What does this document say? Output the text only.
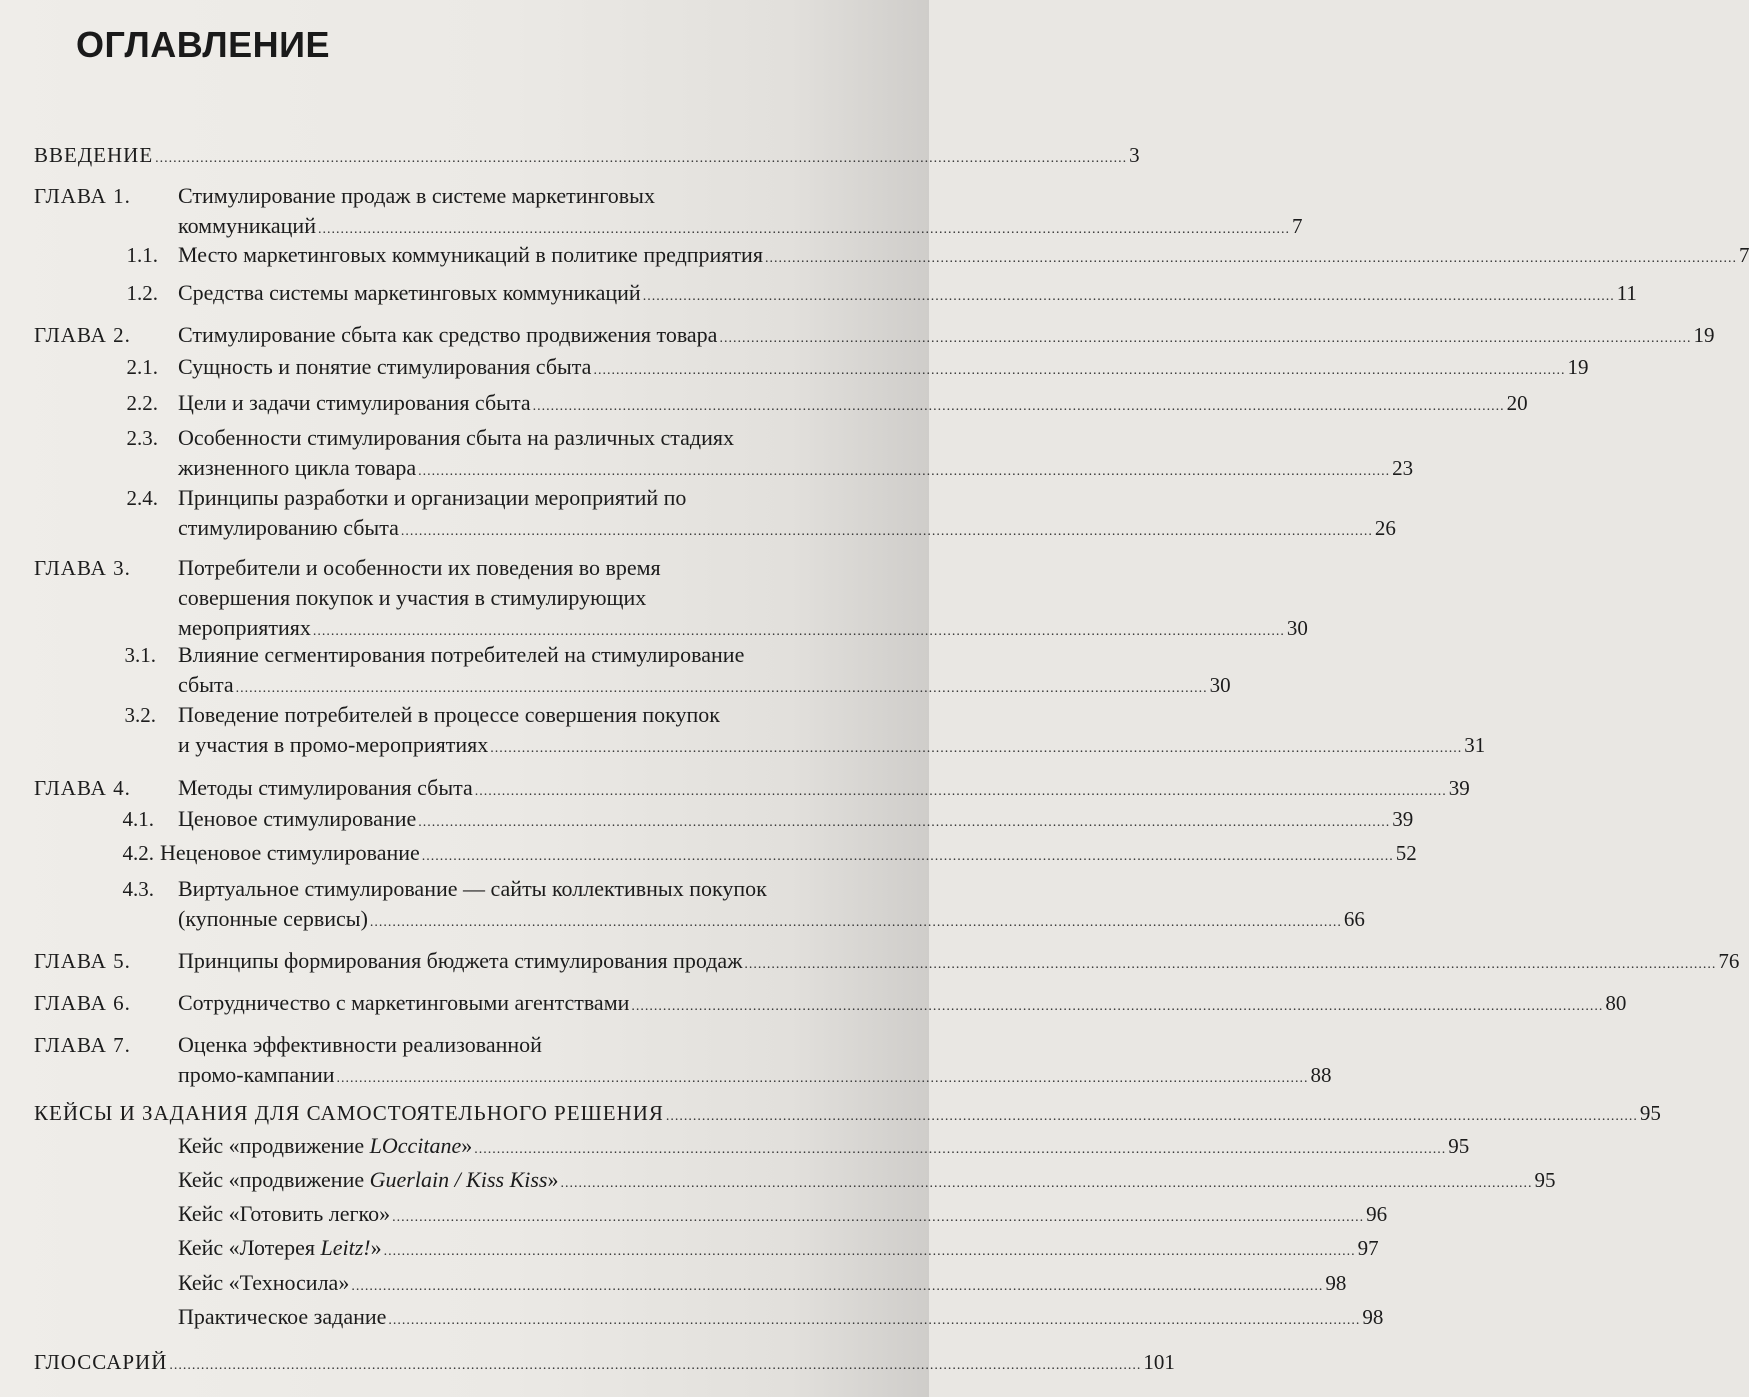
ОГЛАВЛЕНИЕ
ВВЕДЕНИЕ .....	3
ГЛАВА 1. Стимулирование продаж в системе маркетинговых
коммуникаций .....	7
1.1. Место маркетинговых коммуникаций в политике предприятия .....	7
1.2. Средства системы маркетинговых коммуникаций .....	11
ГЛАВА 2. Стимулирование сбыта как средство продвижения товара .....	19
2.1. Сущность и понятие стимулирования сбыта .....	19
2.2. Цели и задачи стимулирования сбыта .....	20
2.3. Особенности стимулирования сбыта на различных стадиях
жизненного цикла товара .....	23
2.4. Принципы разработки и организации мероприятий по
стимулированию сбыта .....	26
ГЛАВА 3. Потребители и особенности их поведения во время
совершения покупок и участия в стимулирующих
мероприятиях .....	30
3.1. Влияние сегментирования потребителей на стимулирование
сбыта .....	30
3.2. Поведение потребителей в процессе совершения покупок
и участия в промо-мероприятиях .....	31
ГЛАВА 4. Методы стимулирования сбыта .....	39
4.1. Ценовое стимулирование .....	39
4.2. Неценовое стимулирование .....	52
4.3. Виртуальное стимулирование — сайты коллективных покупок
(купонные сервисы) .....	66
ГЛАВА 5. Принципы формирования бюджета стимулирования продаж .....	76
ГЛАВА 6. Сотрудничество с маркетинговыми агентствами .....	80
ГЛАВА 7. Оценка эффективности реализованной
промо-кампании .....	88
КЕЙСЫ И ЗАДАНИЯ ДЛЯ САМОСТОЯТЕЛЬНОГО РЕШЕНИЯ .....	95
Кейс «продвижение LOccitane» .....	95
Кейс «продвижение Guerlain / Kiss Kiss» .....	95
Кейс «Готовить легко» .....	96
Кейс «Лотерея Leitz!» .....	97
Кейс «Техносила» .....	98
Практическое задание .....	98
ГЛОССАРИЙ .....	101
